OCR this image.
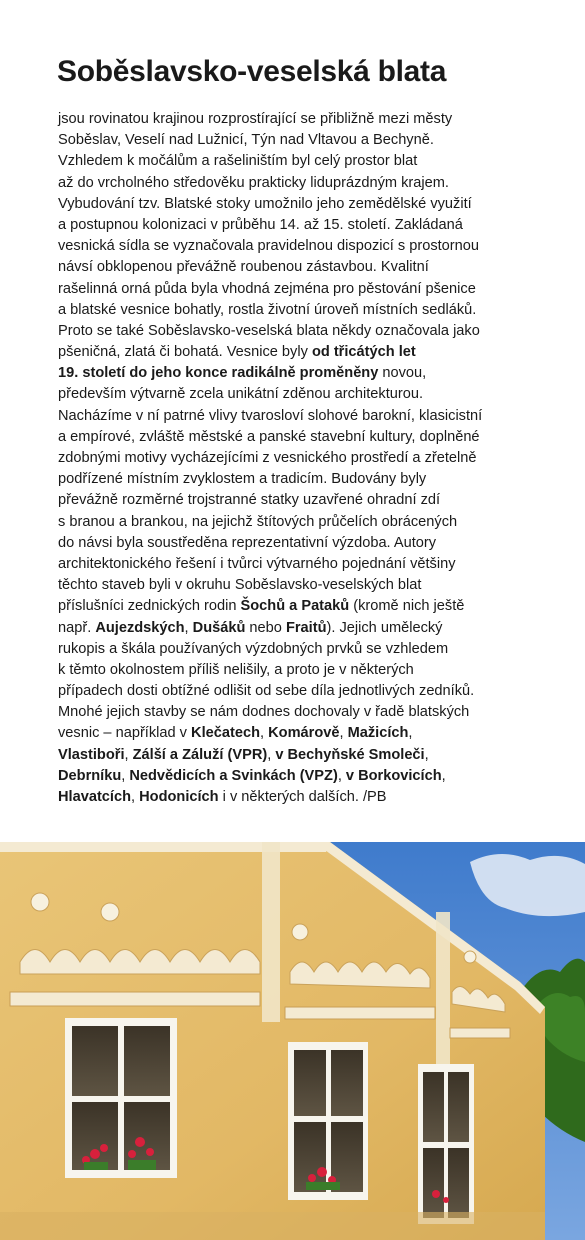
Soběslavsko-veselská blata
jsou rovinatou krajinou rozprostírající se přibližně mezi městy
Soběslav, Veselí nad Lužnicí, Týn nad Vltavou a Bechyně.
Vzhledem k močálům a rašeliništím byl celý prostor blat
až do vrcholného středověku prakticky liduprázdným krajem.
Vybudování tzv. Blatské stoky umožnilo jeho zemědělské využití
a postupnou kolonizaci v průběhu 14. až 15. století. Zakládaná
vesnická sídla se vyznačovala pravidelnou dispozicí s prostornou
návsí obklopenou převážně roubenou zástavbou. Kvalitní
rašelinná orná půda byla vhodná zejména pro pěstování pšenice
a blatské vesnice bohatly, rostla životní úroveň místních sedláků.
Proto se také Soběslavsko-veselská blata někdy označovala jako
pšeničná, zlatá či bohatá. Vesnice byly od třicátých let
19. století do jeho konce radikálně proměněny novou,
především výtvarně zcela unikátní zděnou architekturou.
Nacházíme v ní patrné vlivy tvarosloví slohové barokní, klasicistní
a empírové, zvláště městské a panské stavební kultury, doplněné
zdobnými motivy vycházejícími z vesnického prostředí a zřetelně
podřízené místním zvyklostem a tradicím. Budovány byly
převážně rozměrné trojstranné statky uzavřené ohradní zdí
s branou a brankou, na jejichž štítových průčelích obrácených
do návsi byla soustředěna reprezentativní výzdoba. Autory
architektonického řešení i tvůrci výtvarného pojednání většiny
těchto staveb byli v okruhu Soběslavsko-veselských blat
příslušníci zednických rodin Šochů a Pataků (kromě nich ještě
např. Aujezdských, Dušáků nebo Fraitů). Jejich umělecký
rukopis a škála používaných výzdobných prvků se vzhledem
k těmto okolnostem příliš nelišily, a proto je v některých
případech dosti obtížné odlišit od sebe díla jednotlivých zedníků.
Mnohé jejich stavby se nám dodnes dochovaly v řadě blatských
vesnic – například v Klečatech, Komárově, Mažicích,
Vlastiboři, Zálší a Záluží (VPR), v Bechyňské Smoleči,
Debrníku, Nedvědicích a Svinkách (VPZ), v Borkovicích,
Hlavatcích, Hodonicích i v některých dalších. /PB
